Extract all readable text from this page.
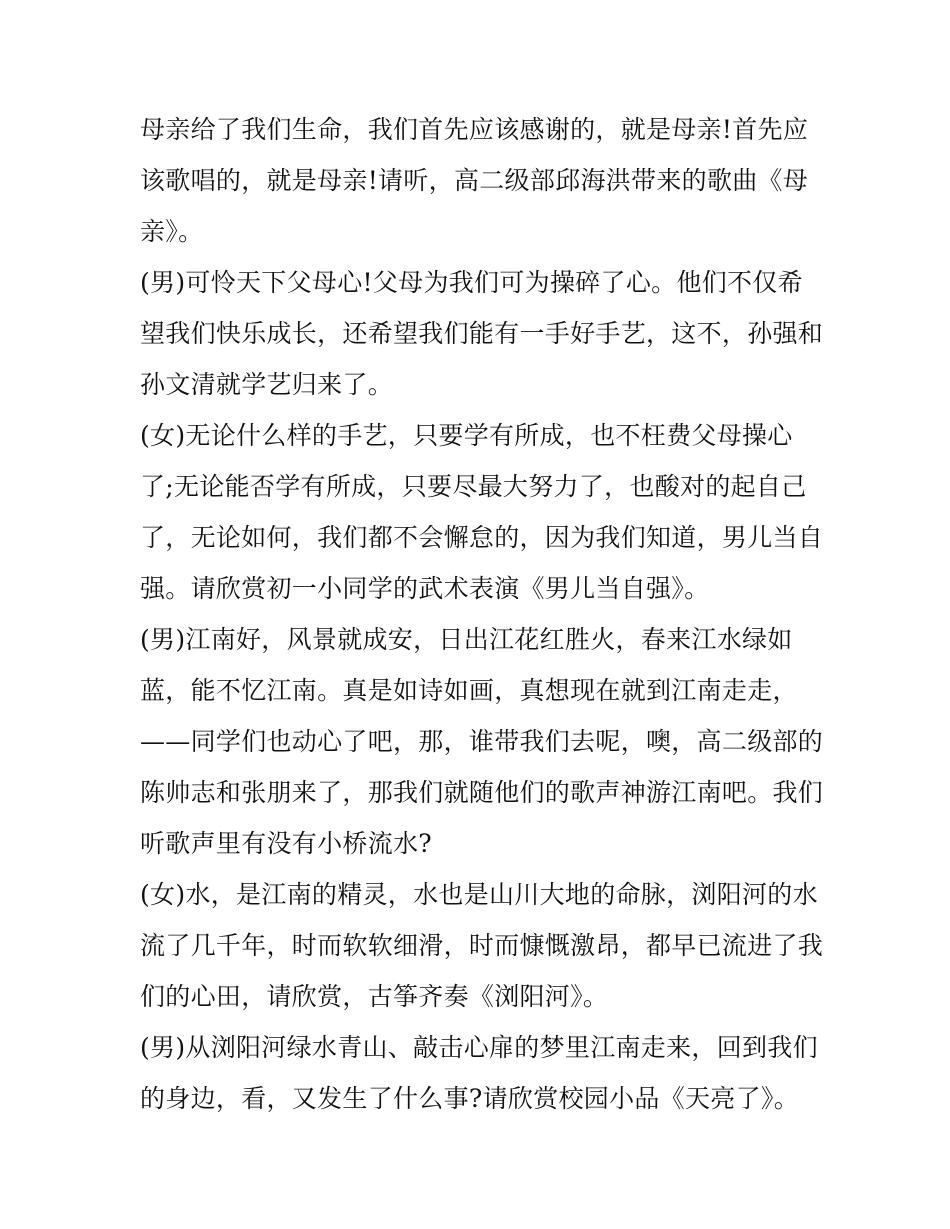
母亲给了我们生命，我们首先应该感谢的，就是母亲!首先应
该歌唱的，就是母亲!请听，高二级部邱海洪带来的歌曲《母
亲》。
(男)可怜天下父母心!父母为我们可为操碎了心。他们不仅希
望我们快乐成长，还希望我们能有一手好手艺，这不，孙强和
孙文清就学艺归来了。
(女)无论什么样的手艺，只要学有所成，也不枉费父母操心
了;无论能否学有所成，只要尽最大努力了，也酸对的起自己
了，无论如何，我们都不会懈怠的，因为我们知道，男儿当自
强。请欣赏初一小同学的武术表演《男儿当自强》。
(男)江南好，风景就成安，日出江花红胜火，春来江水绿如
蓝，能不忆江南。真是如诗如画，真想现在就到江南走走，
——同学们也动心了吧，那，谁带我们去呢，噢，高二级部的
陈帅志和张朋来了，那我们就随他们的歌声神游江南吧。我们
听歌声里有没有小桥流水?
(女)水，是江南的精灵，水也是山川大地的命脉，浏阳河的水
流了几千年，时而软软细滑，时而慷慨激昂，都早已流进了我
们的心田，请欣赏，古筝齐奏《浏阳河》。
(男)从浏阳河绿水青山、敲击心扉的梦里江南走来，回到我们
的身边，看，又发生了什么事?请欣赏校园小品《天亮了》。
